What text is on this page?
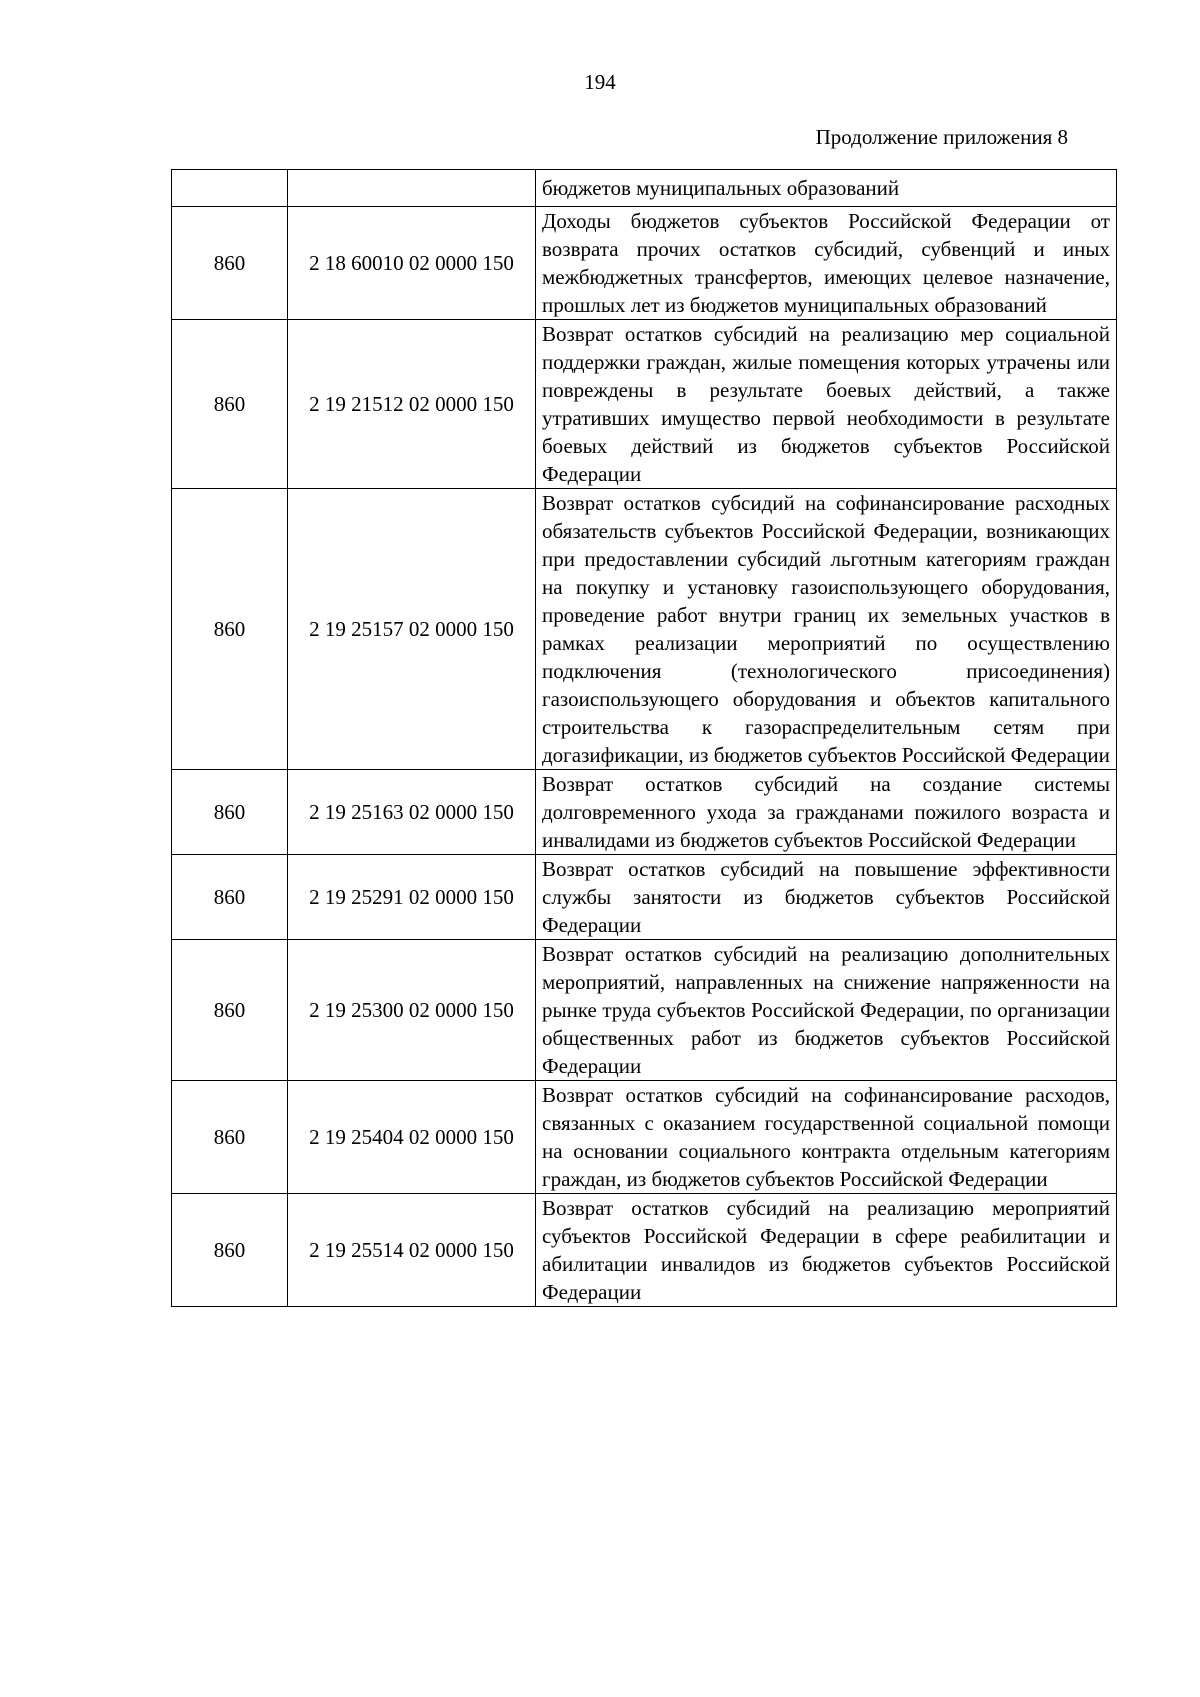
194
Продолжение приложения 8
		бюджетов муниципальных образований
860	2 18 60010 02 0000 150	Доходы бюджетов субъектов Российской Федерации от возврата прочих остатков субсидий, субвенций и иных межбюджетных трансфертов, имеющих целевое назначение, прошлых лет из бюджетов муниципальных образований
860	2 19 21512 02 0000 150	Возврат остатков субсидий на реализацию мер социальной поддержки граждан, жилые помещения которых утрачены или повреждены в результате боевых действий, а также утративших имущество первой необходимости в результате боевых действий из бюджетов субъектов Российской Федерации
860	2 19 25157 02 0000 150	Возврат остатков субсидий на софинансирование расходных обязательств субъектов Российской Федерации, возникающих при предоставлении субсидий льготным категориям граждан на покупку и установку газоиспользующего оборудования, проведение работ внутри границ их земельных участков в рамках реализации мероприятий по осуществлению подключения (технологического присоединения) газоиспользующего оборудования и объектов капитального строительства к газораспределительным сетям при догазификации, из бюджетов субъектов Российской Федерации
860	2 19 25163 02 0000 150	Возврат остатков субсидий на создание системы долговременного ухода за гражданами пожилого возраста и инвалидами из бюджетов субъектов Российской Федерации
860	2 19 25291 02 0000 150	Возврат остатков субсидий на повышение эффективности службы занятости из бюджетов субъектов Российской Федерации
860	2 19 25300 02 0000 150	Возврат остатков субсидий на реализацию дополнительных мероприятий, направленных на снижение напряженности на рынке труда субъектов Российской Федерации, по организации общественных работ из бюджетов субъектов Российской Федерации
860	2 19 25404 02 0000 150	Возврат остатков субсидий на софинансирование расходов, связанных с оказанием государственной социальной помощи на основании социального контракта отдельным категориям граждан, из бюджетов субъектов Российской Федерации
860	2 19 25514 02 0000 150	Возврат остатков субсидий на реализацию мероприятий субъектов Российской Федерации в сфере реабилитации и абилитации инвалидов из бюджетов субъектов Российской Федерации
